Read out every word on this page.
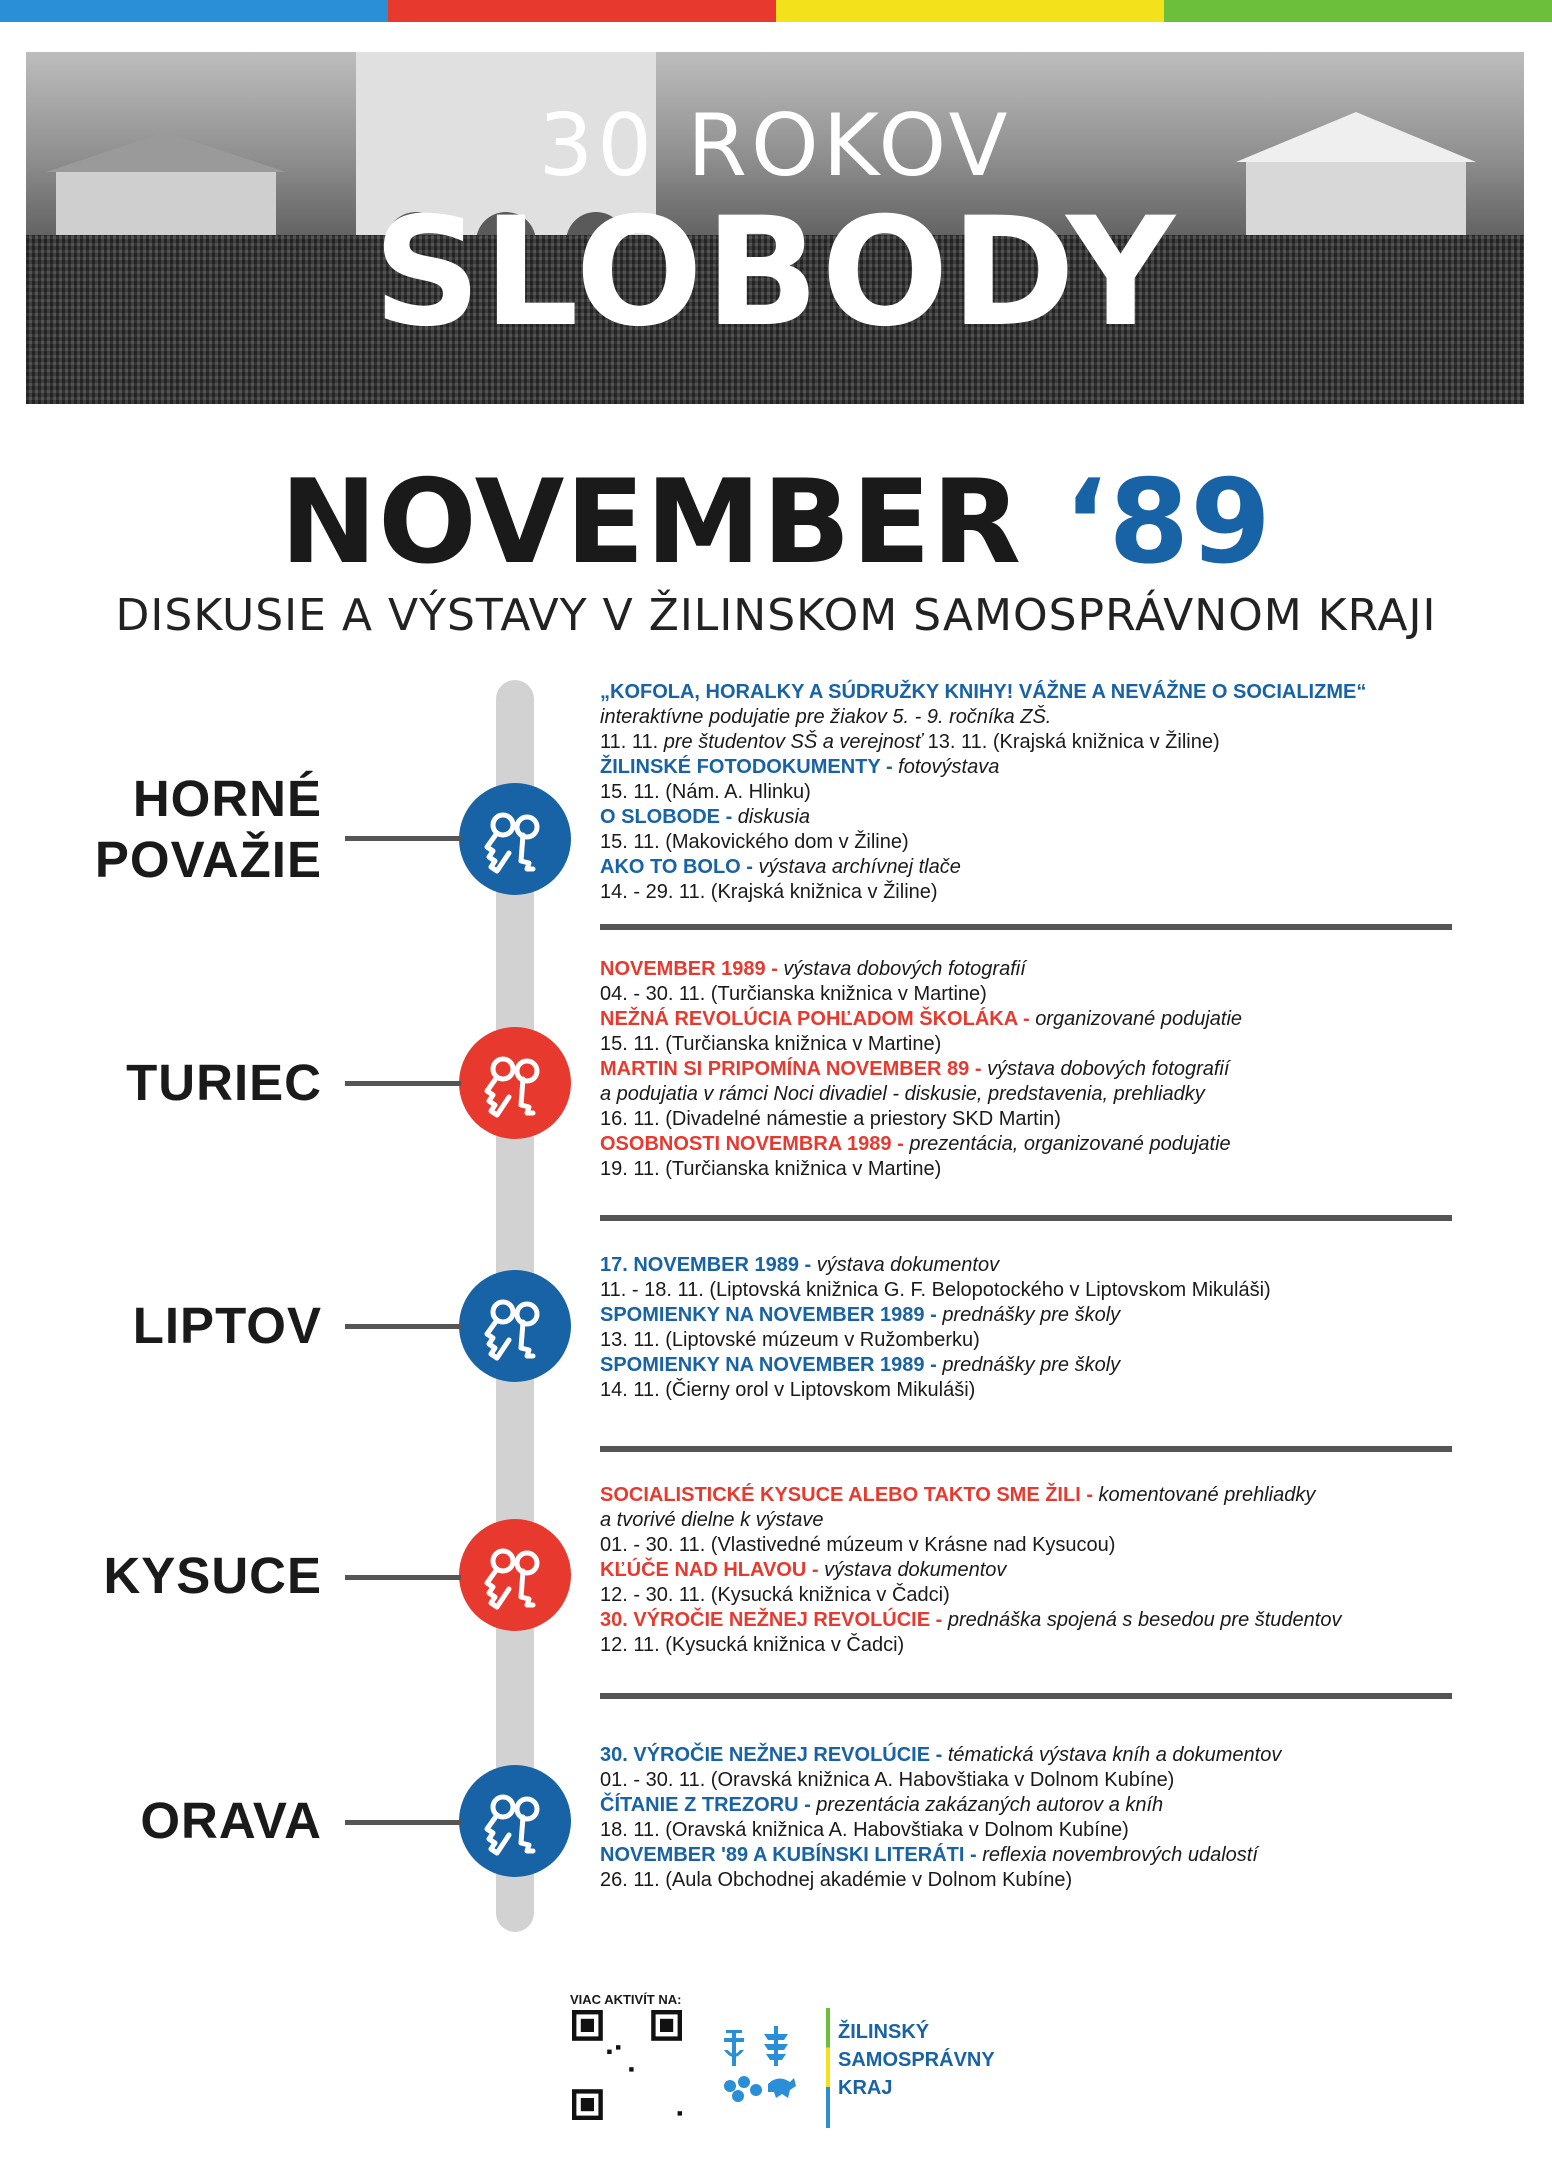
30 ROKOV
SLOBODY
NOVEMBER ‘89
DISKUSIE A VÝSTAVY V ŽILINSKOM SAMOSPRÁVNOM KRAJI
HORNÉ
POVAŽIE
„KOFOLA, HORALKY A SÚDRUŽKY KNIHY! VÁŽNE A NEVÁŽNE O SOCIALIZME“
interaktívne podujatie pre žiakov 5. - 9. ročníka ZŠ.
11. 11. pre študentov SŠ a verejnosť 13. 11. (Krajská knižnica v Žiline)
ŽILINSKÉ FOTODOKUMENTY - fotovýstava
15. 11. (Nám. A. Hlinku)
O SLOBODE - diskusia
15. 11. (Makovického dom v Žiline)
AKO TO BOLO - výstava archívnej tlače
14. - 29. 11. (Krajská knižnica v Žiline)
TURIEC
NOVEMBER 1989 - výstava dobových fotografií
04. - 30. 11. (Turčianska knižnica v Martine)
NEŽNÁ REVOLÚCIA POHĽADOM ŠKOLÁKA - organizované podujatie
15. 11. (Turčianska knižnica v Martine)
MARTIN SI PRIPOMÍNA NOVEMBER 89 - výstava dobových fotografií
a podujatia v rámci Noci divadiel - diskusie, predstavenia, prehliadky
16. 11. (Divadelné námestie a priestory SKD Martin)
OSOBNOSTI NOVEMBRA 1989 - prezentácia, organizované podujatie
19. 11. (Turčianska knižnica v Martine)
LIPTOV
17. NOVEMBER 1989 - výstava dokumentov
11. - 18. 11. (Liptovská knižnica G. F. Belopotockého v Liptovskom Mikuláši)
SPOMIENKY NA NOVEMBER 1989 - prednášky pre školy
13. 11. (Liptovské múzeum v Ružomberku)
SPOMIENKY NA NOVEMBER 1989 - prednášky pre školy
14. 11. (Čierny orol v Liptovskom Mikuláši)
KYSUCE
SOCIALISTICKÉ KYSUCE ALEBO TAKTO SME ŽILI - komentované prehliadky
a tvorivé dielne k výstave
01. - 30. 11. (Vlastivedné múzeum v Krásne nad Kysucou)
KĽÚČE NAD HLAVOU - výstava dokumentov
12. - 30. 11. (Kysucká knižnica v Čadci)
30. VÝROČIE NEŽNEJ REVOLÚCIE - prednáška spojená s besedou pre študentov
12. 11. (Kysucká knižnica v Čadci)
ORAVA
30. VÝROČIE NEŽNEJ REVOLÚCIE - tématická výstava kníh a dokumentov
01. - 30. 11. (Oravská knižnica A. Habovštiaka v Dolnom Kubíne)
ČÍTANIE Z TREZORU - prezentácia zakázaných autorov a kníh
18. 11. (Oravská knižnica A. Habovštiaka v Dolnom Kubíne)
NOVEMBER '89 A KUBÍNSKI LITERÁTI - reflexia novembrových udalostí
26. 11. (Aula Obchodnej akadémie v Dolnom Kubíne)
VIAC AKTIVÍT NA:
ŽILINSKÝ
SAMOSPRÁVNY
KRAJ
